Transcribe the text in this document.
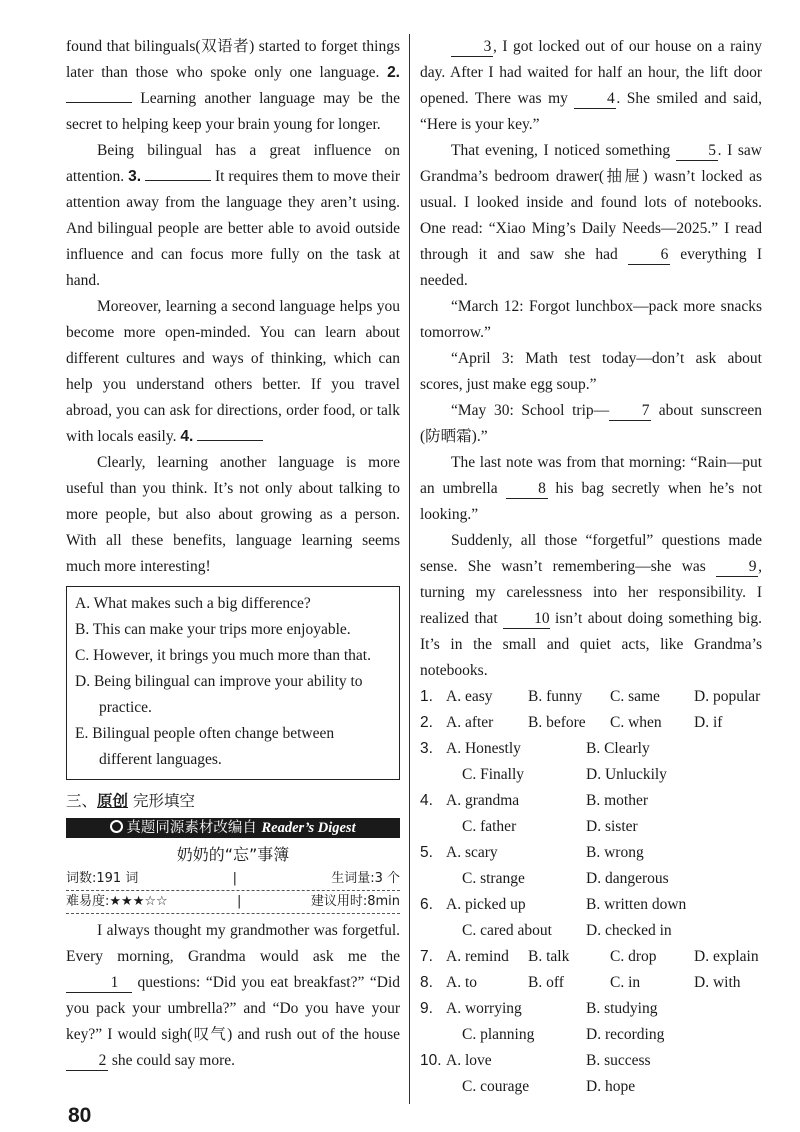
found that bilinguals(双语者) started to forget things later than those who spoke only one language. 2.  Learning another language may be the secret to helping keep your brain young for longer.

Being bilingual has a great influence on attention. 3.	It requires them to move their attention away from the language they aren’t using. And bilingual people are better able to avoid outside influence and can focus more fully on the task at hand.

Moreover, learning a second language helps you become more open-minded. You can learn about different cultures and ways of thinking, which can help you understand others better. If you travel abroad, you can ask for directions, order food, or talk with locals easily. 4.

Clearly, learning another language is more useful than you think. It’s not only about talking to more people, but also about growing as a person. With all these benefits, language learning seems much more interesting!

A. What makes such a big difference?

B. This can make your trips more enjoyable.

C. However, it brings you much more than that.

D. Being bilingual can improve your ability to practice.

E. Bilingual people often change between different languages.

三、原创 完形填空
真题同源素材改编自 Reader’s Digest
奶奶的“忘”事簿
词数:191 词	|	生词量:3 个
难易度:★★★☆☆	|	建议用时:8min

I always thought my grandmother was forgetful. Every morning, Grandma would ask me the 1 questions: “Did you eat breakfast?” “Did you pack your umbrella?” and “Do you have your key?” I would sigh(叹气) and rush out of the house 2 she could say more.

3 , I got locked out of our house on a rainy day. After I had waited for half an hour, the lift door opened. There was my	4 . She smiled and said, “Here is your key.”

That evening, I noticed something 5 . I saw Grandma’s bedroom drawer(抽屉) wasn’t locked as usual. I looked inside and found lots of notebooks. One read: “Xiao Ming’s Daily Needs—2025.” I read through it and saw she had	6 everything I needed.

“March 12: Forgot lunchbox—pack more snacks tomorrow.”

“April 3: Math test today—don’t ask about scores, just make egg soup.”

“May 30: School trip— 7 about sunscreen (防晒霜).”

The last note was from that morning: “Rain—put an umbrella	8 his bag secretly when he’s not looking.”

Suddenly, all those “forgetful” questions made sense. She wasn’t remembering—she was	9 , turning my carelessness into her responsibility. I realized that 10 isn’t about doing something big. It’s in the small and quiet acts, like Grandma’s notebooks.

1. A. easy	B. funny	C. same	D. popular
2. A. after	B. before	C. when	D. if
3. A. Honestly	B. Clearly
C. Finally	D. Unluckily
4. A. grandma	B. mother
C. father	D. sister
5. A. scary	B. wrong
C. strange	D. dangerous
6. A. picked up	B. written down
C. cared about	D. checked in
7. A. remind	B. talk	C. drop	D. explain
8. A. to	B. off	C. in	D. with
9. A. worrying	B. studying
C. planning	D. recording
10. A. love	B. success
C. courage	D. hope
80
